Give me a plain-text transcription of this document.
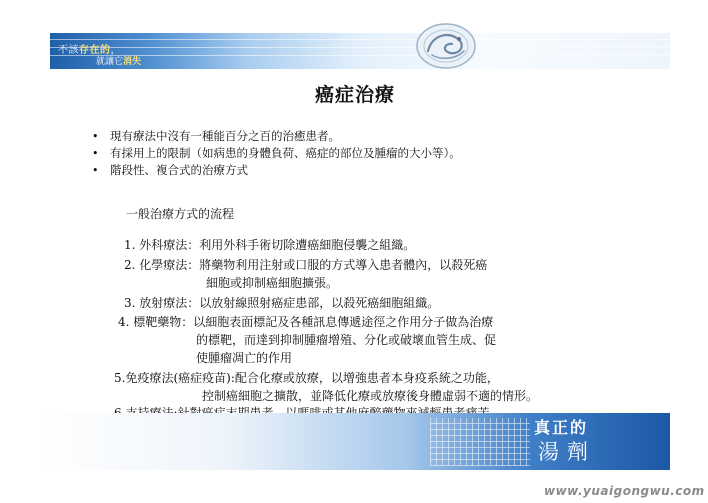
不該存在的，
就讓它消失
癌症治療
• 現有療法中沒有一種能百分之百的治癒患者。
• 有採用上的限制（如病患的身體負荷、癌症的部位及腫瘤的大小等）。
• 階段性、複合式的治療方式
一般治療方式的流程
1. 外科療法：利用外科手術切除遭癌細胞侵襲之組織。
2. 化學療法：將藥物利用注射或口服的方式導入患者體內，以殺死癌
細胞或抑制癌細胞擴張。
3. 放射療法：以放射線照射癌症患部，以殺死癌細胞組織。
4. 標靶藥物：以細胞表面標記及各種訊息傳遞途徑之作用分子做為治療
的標靶，而達到抑制腫瘤增殖、分化或破壞血管生成、促
使腫瘤凋亡的作用
5.免疫療法(癌症疫苗):配合化療或放療，以增強患者本身疫系統之功能，
控制癌細胞之擴散，並降低化療或放療後身體虛弱不適的情形。
真正的
湯劑
www.yuaigongwu.com
